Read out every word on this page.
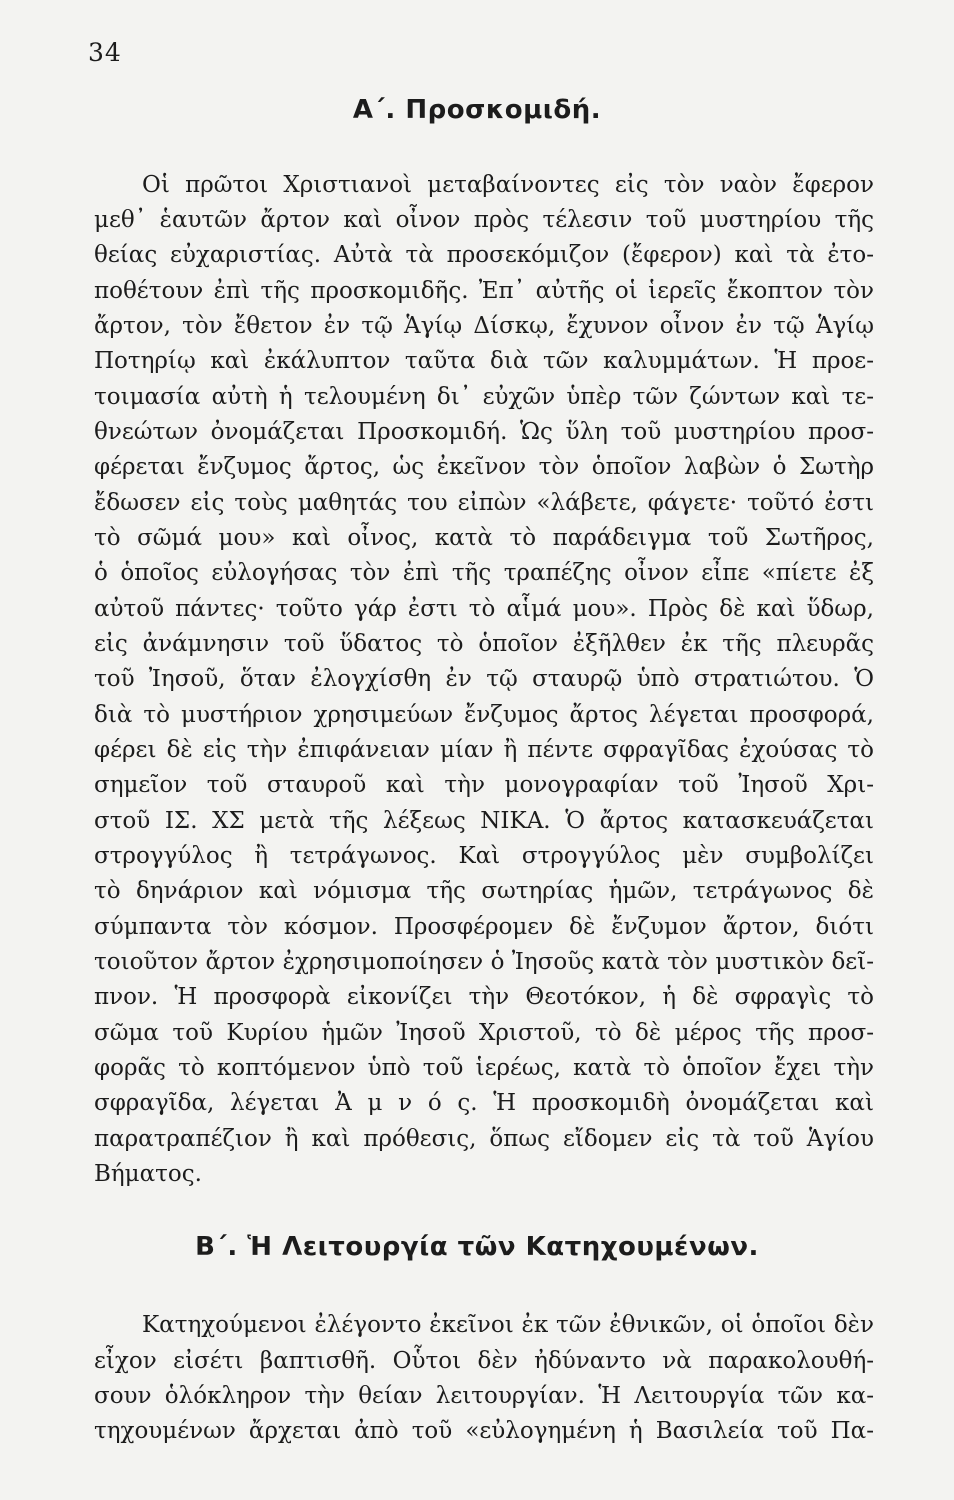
34
Α΄. Προσκομιδή.
Οἱ πρῶτοι Χριστιανοὶ μεταβαίνοντες εἰς τὸν ναὸν ἔφερον
μεθ᾽ ἑαυτῶν ἄρτον καὶ οἶνον πρὸς τέλεσιν τοῦ μυστηρίου τῆς
θείας εὐχαριστίας. Αὐτὰ τὰ προσεκόμιζον (ἔφερον) καὶ τὰ ἐτο-
ποθέτουν ἐπὶ τῆς προσκομιδῆς. Ἐπ᾽ αὐτῆς οἱ ἱερεῖς ἔκοπτον τὸν
ἄρτον, τὸν ἔθετον ἐν τῷ Ἁγίῳ Δίσκῳ, ἔχυνον οἶνον ἐν τῷ Ἁγίῳ
Ποτηρίῳ καὶ ἐκάλυπτον ταῦτα διὰ τῶν καλυμμάτων. Ἡ προε-
τοιμασία αὐτὴ ἡ τελουμένη δι᾽ εὐχῶν ὑπὲρ τῶν ζώντων καὶ τε-
θνεώτων ὀνομάζεται Προσκομιδή. Ὡς ὕλη τοῦ μυστηρίου προσ-
φέρεται ἔνζυμος ἄρτος, ὡς ἐκεῖνον τὸν ὁποῖον λαβὼν ὁ Σωτὴρ
ἔδωσεν εἰς τοὺς μαθητάς του εἰπὼν «λάβετε, φάγετε· τοῦτό ἐστι
τὸ σῶμά μου» καὶ οἶνος, κατὰ τὸ παράδειγμα τοῦ Σωτῆρος,
ὁ ὁποῖος εὐλογήσας τὸν ἐπὶ τῆς τραπέζης οἶνον εἶπε «πίετε ἐξ
αὐτοῦ πάντες· τοῦτο γάρ ἐστι τὸ αἷμά μου». Πρὸς δὲ καὶ ὕδωρ,
εἰς ἀνάμνησιν τοῦ ὕδατος τὸ ὁποῖον ἐξῆλθεν ἐκ τῆς πλευρᾶς
τοῦ Ἰησοῦ, ὅταν ἐλογχίσθη ἐν τῷ σταυρῷ ὑπὸ στρατιώτου. Ὁ
διὰ τὸ μυστήριον χρησιμεύων ἔνζυμος ἄρτος λέγεται προσφορά,
φέρει δὲ εἰς τὴν ἐπιφάνειαν μίαν ἢ πέντε σφραγῖδας ἐχούσας τὸ
σημεῖον τοῦ σταυροῦ καὶ τὴν μονογραφίαν τοῦ Ἰησοῦ Χρι-
στοῦ ΙΣ. ΧΣ μετὰ τῆς λέξεως ΝΙΚΑ. Ὁ ἄρτος κατασκευάζεται
στρογγύλος ἢ τετράγωνος. Καὶ στρογγύλος μὲν συμβολίζει
τὸ δηνάριον καὶ νόμισμα τῆς σωτηρίας ἡμῶν, τετράγωνος δὲ
σύμπαντα τὸν κόσμον. Προσφέρομεν δὲ ἔνζυμον ἄρτον, διότι
τοιοῦτον ἄρτον ἐχρησιμοποίησεν ὁ Ἰησοῦς κατὰ τὸν μυστικὸν δεῖ-
πνον. Ἡ προσφορὰ εἰκονίζει τὴν Θεοτόκον, ἡ δὲ σφραγὶς τὸ
σῶμα τοῦ Κυρίου ἡμῶν Ἰησοῦ Χριστοῦ, τὸ δὲ μέρος τῆς προσ-
φορᾶς τὸ κοπτόμενον ὑπὸ τοῦ ἱερέως, κατὰ τὸ ὁποῖον ἔχει τὴν
σφραγῖδα, λέγεται Ἀ μ ν ό ς. Ἡ προσκομιδὴ ὀνομάζεται καὶ
παρατραπέζιον ἢ καὶ πρόθεσις, ὅπως εἴδομεν εἰς τὰ τοῦ Ἁγίου
Βήματος.
Β΄. Ἡ Λειτουργία τῶν Κατηχουμένων.
Κατηχούμενοι ἐλέγοντο ἐκεῖνοι ἐκ τῶν ἐθνικῶν, οἱ ὁποῖοι δὲν
εἶχον εἰσέτι βαπτισθῆ. Οὗτοι δὲν ἠδύναντο νὰ παρακολουθή-
σουν ὁλόκληρον τὴν θείαν λειτουργίαν. Ἡ Λειτουργία τῶν κα-
τηχουμένων ἄρχεται ἀπὸ τοῦ «εὐλογημένη ἡ Βασιλεία τοῦ Πα-
